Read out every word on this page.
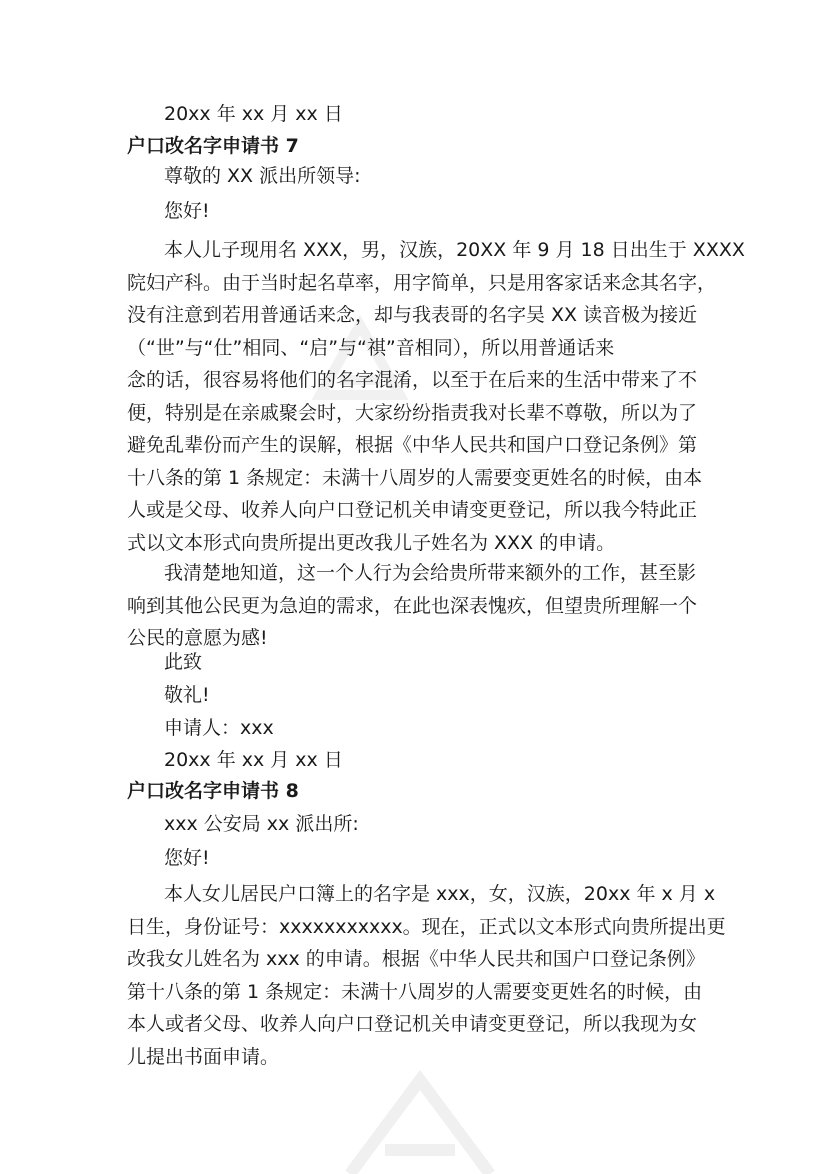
20xx 年 xx 月 xx 日
户口改名字申请书 7
尊敬的 XX 派出所领导:
您好!
本人儿子现用名 XXX，男，汉族，20XX 年 9 月 18 日出生于 XXXX
院妇产科。由于当时起名草率，用字简单，只是用客家话来念其名字，
没有注意到若用普通话来念，却与我表哥的名字吴 XX 读音极为接近
（“世”与“仕”相同、“启”与“祺”音相同），所以用普通话来
念的话，很容易将他们的名字混淆，以至于在后来的生活中带来了不
便，特别是在亲戚聚会时，大家纷纷指责我对长辈不尊敬，所以为了
避免乱辈份而产生的误解，根据《中华人民共和国户口登记条例》第
十八条的第 1 条规定：未满十八周岁的人需要变更姓名的时候，由本
人或是父母、收养人向户口登记机关申请变更登记，所以我今特此正
式以文本形式向贵所提出更改我儿子姓名为 XXX 的申请。
我清楚地知道，这一个人行为会给贵所带来额外的工作，甚至影
响到其他公民更为急迫的需求，在此也深表愧疚，但望贵所理解一个
公民的意愿为感!
此致
敬礼!
申请人：xxx
20xx 年 xx 月 xx 日
户口改名字申请书 8
xxx 公安局 xx 派出所:
您好!
本人女儿居民户口簿上的名字是 xxx，女，汉族，20xx 年 x 月 x
日生，身份证号：xxxxxxxxxxx。现在，正式以文本形式向贵所提出更
改我女儿姓名为 xxx 的申请。根据《中华人民共和国户口登记条例》
第十八条的第 1 条规定：未满十八周岁的人需要变更姓名的时候，由
本人或者父母、收养人向户口登记机关申请变更登记，所以我现为女
儿提出书面申请。
